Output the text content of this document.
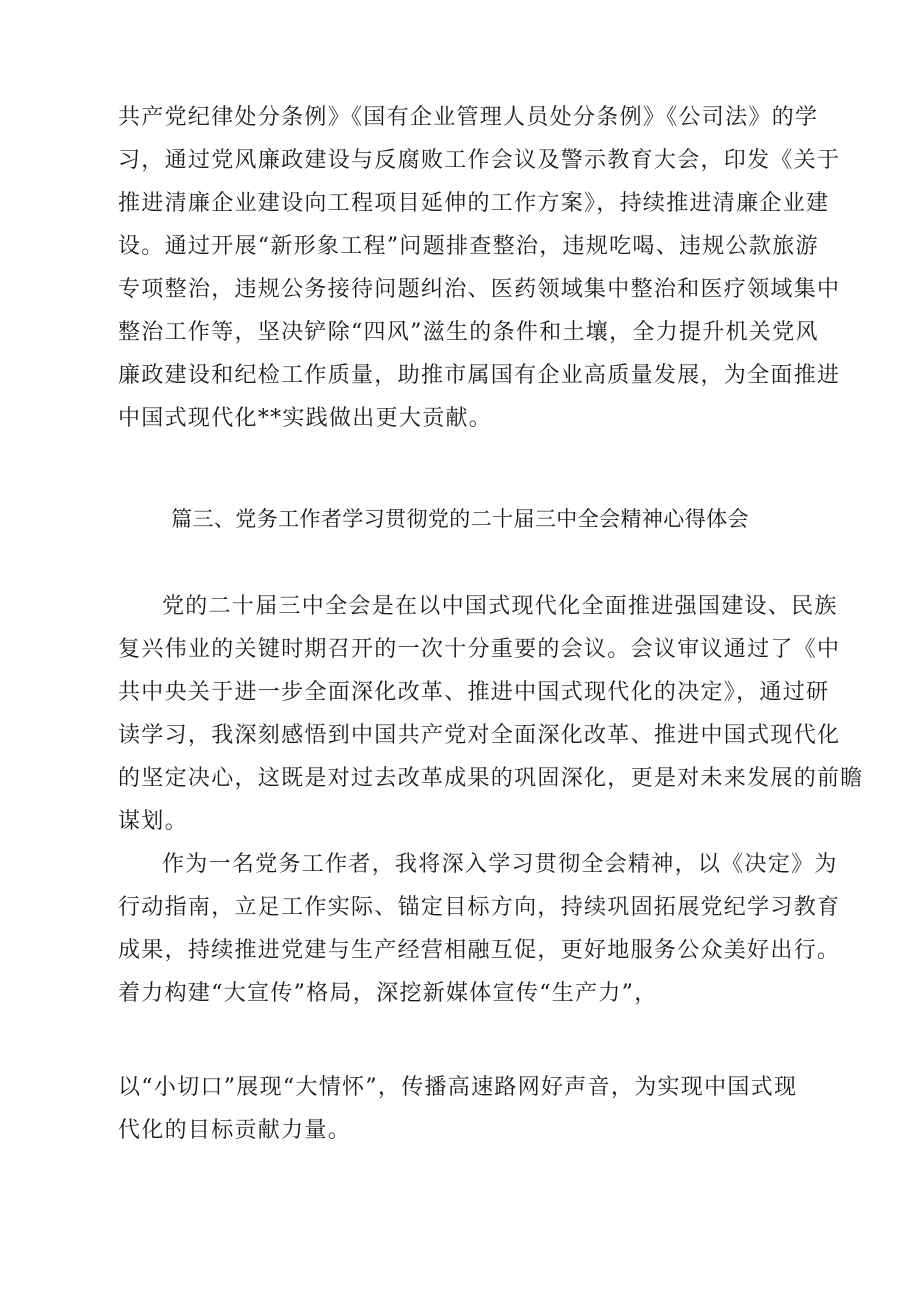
共产党纪律处分条例》《国有企业管理人员处分条例》《公司法》的学
习，通过党风廉政建设与反腐败工作会议及警示教育大会，印发《关于
推进清廉企业建设向工程项目延伸的工作方案》，持续推进清廉企业建
设。通过开展“新形象工程”问题排查整治，违规吃喝、违规公款旅游
专项整治，违规公务接待问题纠治、医药领域集中整治和医疗领域集中
整治工作等，坚决铲除“四风”滋生的条件和土壤，全力提升机关党风
廉政建设和纪检工作质量，助推市属国有企业高质量发展，为全面推进
中国式现代化**实践做出更大贡献。
篇三、党务工作者学习贯彻党的二十届三中全会精神心得体会
党的二十届三中全会是在以中国式现代化全面推进强国建设、民族
复兴伟业的关键时期召开的一次十分重要的会议。会议审议通过了《中
共中央关于进一步全面深化改革、推进中国式现代化的决定》，通过研
读学习，我深刻感悟到中国共产党对全面深化改革、推进中国式现代化
的坚定决心，这既是对过去改革成果的巩固深化，更是对未来发展的前瞻
谋划。
作为一名党务工作者，我将深入学习贯彻全会精神，以《决定》为
行动指南，立足工作实际、锚定目标方向，持续巩固拓展党纪学习教育
成果，持续推进党建与生产经营相融互促，更好地服务公众美好出行。
着力构建“大宣传”格局，深挖新媒体宣传“生产力”，
以“小切口”展现“大情怀”，传播高速路网好声音，为实现中国式现
代化的目标贡献力量。
